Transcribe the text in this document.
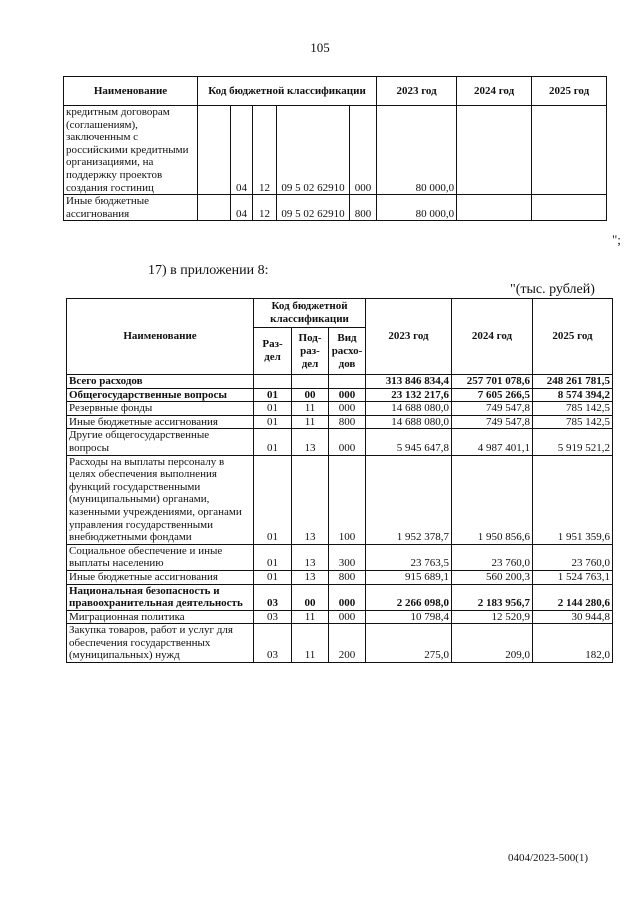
105
Наименование	Код бюджетной классификации					2023 год	2024 год	2025 год
кредитным договорам (соглашениям), заключенным с российскими кредитными организациями, на поддержку проектов создания гостиниц		04	12	09 5 02 62910	000	80 000,0		
Иные бюджетные ассигнования		04	12	09 5 02 62910	800	80 000,0		
";
17) в приложении 8:
"(тыс. рублей)
Наименование	Код бюджетной классификации			2023 год	2024 год	2025 год
	Раз-дел	Под-раз-дел	Вид расхо-дов			
Всего расходов				313 846 834,4	257 701 078,6	248 261 781,5
Общегосударственные вопросы	01	00	000	23 132 217,6	7 605 266,5	8 574 394,2
Резервные фонды	01	11	000	14 688 080,0	749 547,8	785 142,5
Иные бюджетные ассигнования	01	11	800	14 688 080,0	749 547,8	785 142,5
Другие общегосударственные вопросы	01	13	000	5 945 647,8	4 987 401,1	5 919 521,2
Расходы на выплаты персоналу в целях обеспечения выполнения функций государственными (муниципальными) органами, казенными учреждениями, органами управления государственными внебюджетными фондами	01	13	100	1 952 378,7	1 950 856,6	1 951 359,6
Социальное обеспечение и иные выплаты населению	01	13	300	23 763,5	23 760,0	23 760,0
Иные бюджетные ассигнования	01	13	800	915 689,1	560 200,3	1 524 763,1
Национальная безопасность и правоохранительная деятельность	03	00	000	2 266 098,0	2 183 956,7	2 144 280,6
Миграционная политика	03	11	000	10 798,4	12 520,9	30 944,8
Закупка товаров, работ и услуг для обеспечения государственных (муниципальных) нужд	03	11	200	275,0	209,0	182,0
0404/2023-500(1)
